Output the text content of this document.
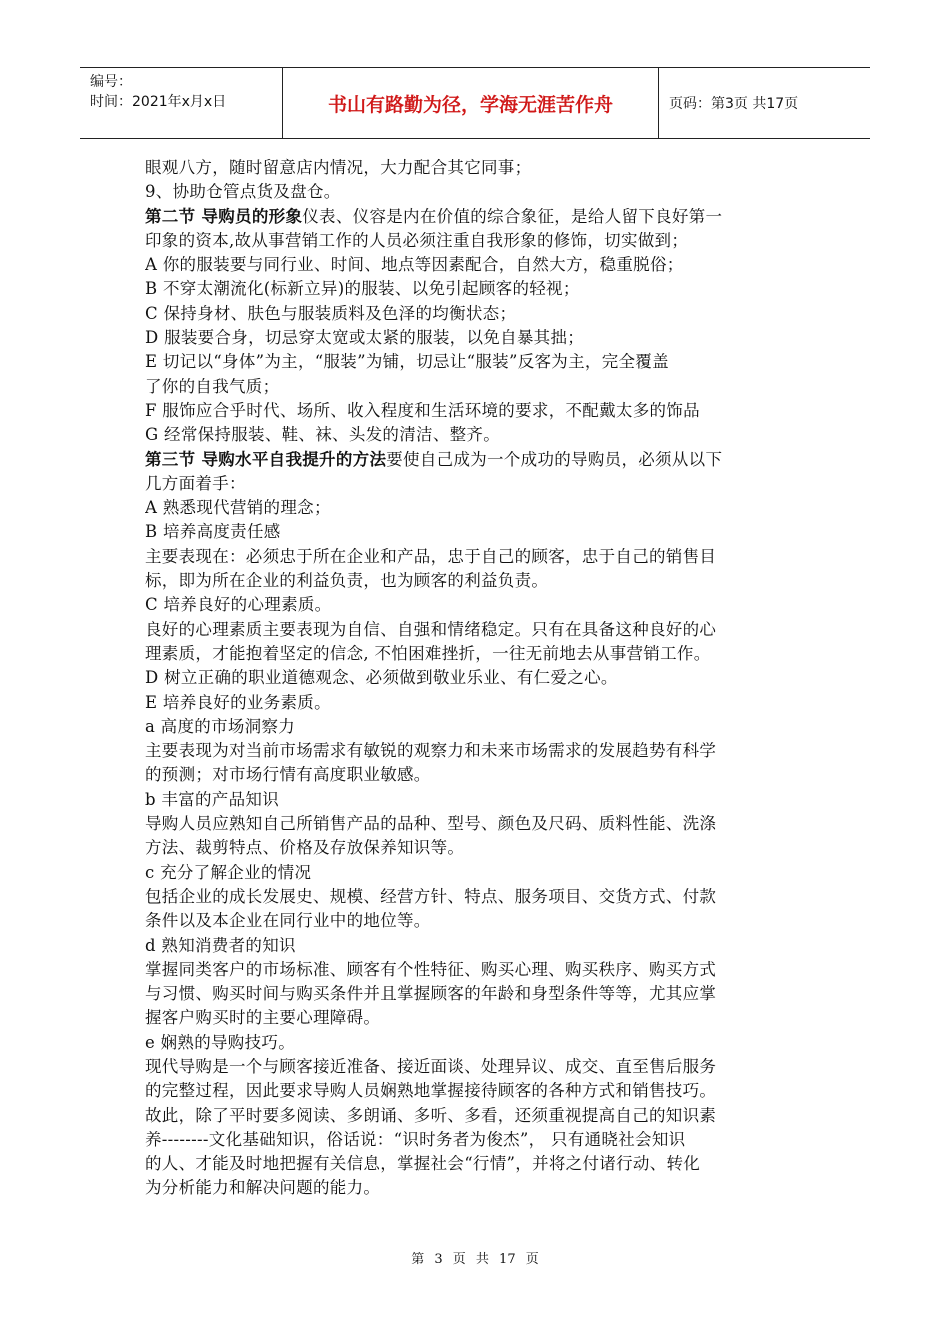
编号：
时间：2021年x月x日	书山有路勤为径，学海无涯苦作舟	页码：第3页 共17页
眼观八方，随时留意店内情况，大力配合其它同事；
9、协助仓管点货及盘仓。
第二节 导购员的形象仪表、仪容是内在价值的综合象征，是给人留下良好第一
印象的资本,故从事营销工作的人员必须注重自我形象的修饰，切实做到；
A 你的服装要与同行业、时间、地点等因素配合，自然大方，稳重脱俗；
B 不穿太潮流化(标新立异)的服装、以免引起顾客的轻视；
C 保持身材、肤色与服装质料及色泽的均衡状态；
D 服装要合身，切忌穿太宽或太紧的服装，以免自暴其拙；
E 切记以“身体”为主，“服装”为铺，切忌让“服装”反客为主，完全覆盖
了你的自我气质；
F 服饰应合乎时代、场所、收入程度和生活环境的要求，不配戴太多的饰品
G 经常保持服装、鞋、袜、头发的清洁、整齐。
第三节 导购水平自我提升的方法要使自己成为一个成功的导购员，必须从以下
几方面着手：
A 熟悉现代营销的理念；
B 培养高度责任感
主要表现在：必须忠于所在企业和产品，忠于自己的顾客，忠于自己的销售目
标，即为所在企业的利益负责，也为顾客的利益负责。
C 培养良好的心理素质。
良好的心理素质主要表现为自信、自强和情绪稳定。只有在具备这种良好的心
理素质，才能抱着坚定的信念, 不怕困难挫折，一往无前地去从事营销工作。
D 树立正确的职业道德观念、必须做到敬业乐业、有仁爱之心。
E 培养良好的业务素质。
a 高度的市场洞察力
主要表现为对当前市场需求有敏锐的观察力和未来市场需求的发展趋势有科学
的预测；对市场行情有高度职业敏感。
b 丰富的产品知识
导购人员应熟知自己所销售产品的品种、型号、颜色及尺码、质料性能、洗涤
方法、裁剪特点、价格及存放保养知识等。
c 充分了解企业的情况
包括企业的成长发展史、规模、经营方针、特点、服务项目、交货方式、付款
条件以及本企业在同行业中的地位等。
d 熟知消费者的知识
掌握同类客户的市场标准、顾客有个性特征、购买心理、购买秩序、购买方式
与习惯、购买时间与购买条件并且掌握顾客的年龄和身型条件等等，尤其应掌
握客户购买时的主要心理障碍。
e 娴熟的导购技巧。
现代导购是一个与顾客接近准备、接近面谈、处理异议、成交、直至售后服务
的完整过程，因此要求导购人员娴熟地掌握接待顾客的各种方式和销售技巧。
故此，除了平时要多阅读、多朗诵、多听、多看，还须重视提高自己的知识素
养--------文化基础知识，俗话说：“识时务者为俊杰”， 只有通晓社会知识
的人、才能及时地把握有关信息，掌握社会“行情”，并将之付诸行动、转化
为分析能力和解决问题的能力。
第 3 页 共 17 页
